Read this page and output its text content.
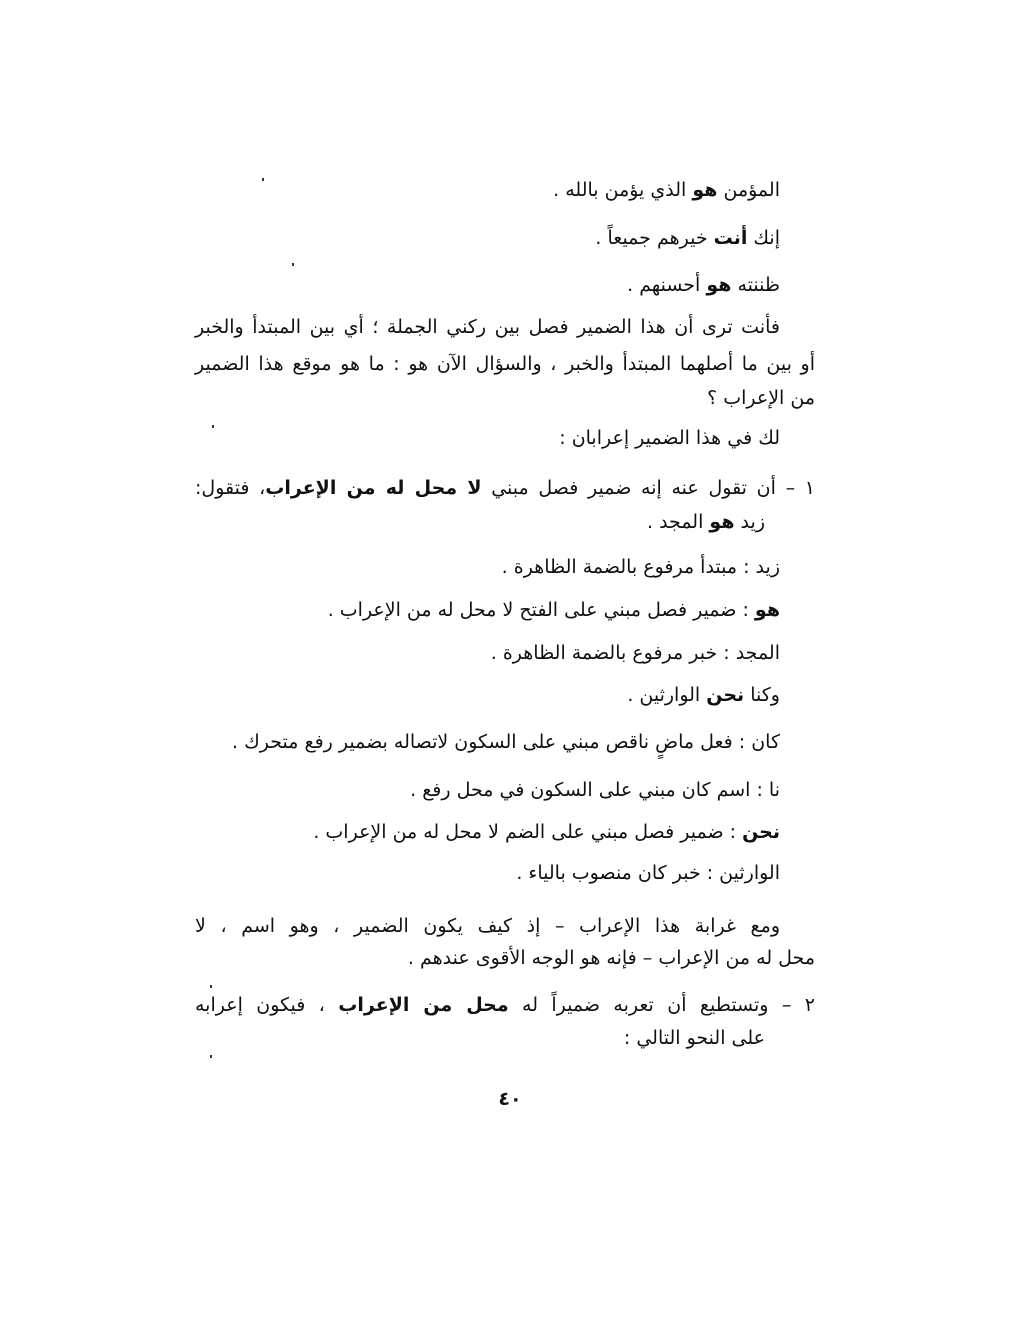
المؤمن هو الذي يؤمن بالله .
إنك أنت خيرهم جميعاً .
ظننته هو أحسنهم .
فأنت ترى أن هذا الضمير فصل بين ركني الجملة ؛ أي بين المبتدأ والخبر
أو بين ما أصلهما المبتدأ والخبر ، والسؤال الآن هو : ما هو موقع هذا الضمير
من الإعراب ؟
لك في هذا الضمير إعرابان :
١ – أن تقول عنه إنه ضمير فصل مبني لا محل له من الإعراب، فتقول:
زيد هو المجد .
زيد : مبتدأ مرفوع بالضمة الظاهرة .
هو : ضمير فصل مبني على الفتح لا محل له من الإعراب .
المجد : خبر مرفوع بالضمة الظاهرة .
وكنا نحن الوارثين .
كان : فعل ماضٍ ناقص مبني على السكون لاتصاله بضمير رفع متحرك .
نا : اسم كان مبني على السكون في محل رفع .
نحن : ضمير فصل مبني على الضم لا محل له من الإعراب .
الوارثين : خبر كان منصوب بالياء .
ومع غرابة هذا الإعراب – إذ كيف يكون الضمير ، وهو اسم ، لا
محل له من الإعراب – فإنه هو الوجه الأقوى عندهم .
٢ – وتستطيع أن تعربه ضميراً له محل من الإعراب ، فيكون إعرابه
على النحو التالي :
٤٠
